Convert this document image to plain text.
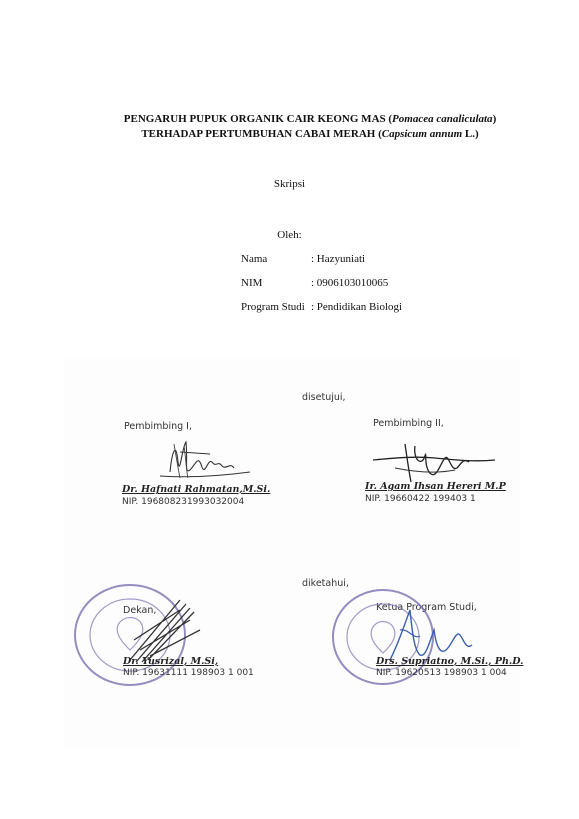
PENGARUH PUPUK ORGANIK CAIR KEONG MAS (Pomacea canaliculata)
TERHADAP PERTUMBUHAN CABAI MERAH (Capsicum annum L.)
Skripsi
Oleh:
Nama	: Hazyuniati
NIM	: 0906103010065
Program Studi : Pendidikan Biologi
disetujui,
Pembimbing I,	Pembimbing II,
Dr. Hafnati Rahmatan,M.Si.
NIP. 196808231993032004
Ir. Agam Ihsan Hereri M.P
NIP. 19660422 199403 1
diketahui,
Dekan,	Ketua Program Studi,
Dr. Yusrizal, M.Si,
NIP. 19631111 198903 1 001
Drs. Supriatno, M.Si., Ph.D.
NIP. 19620513 198903 1 004
